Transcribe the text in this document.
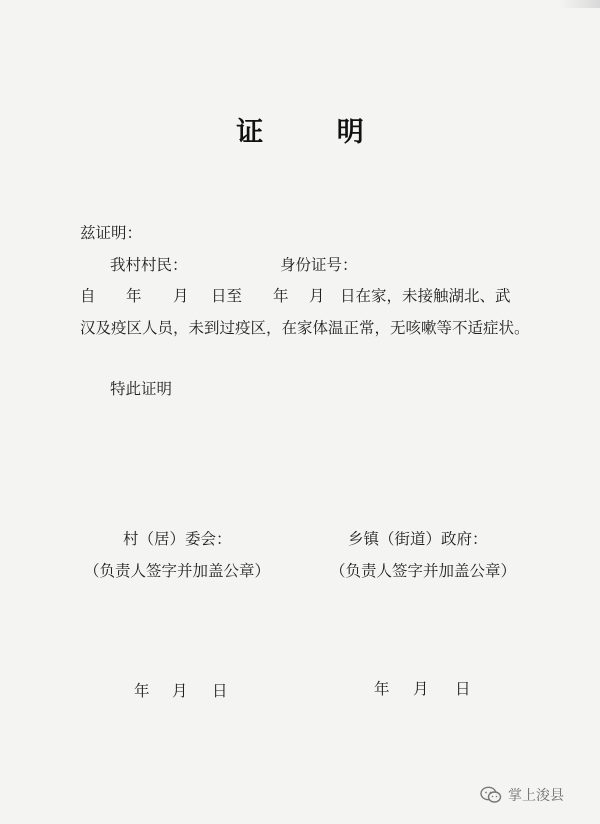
证 明
兹证明：
我村村民：	身份证号：
自 年 月 日至 年 月 日在家，未接触湖北、武
汉及疫区人员，未到过疫区，在家体温正常，无咳嗽等不适症状。
特此证明
村（居）委会：	乡镇（街道）政府：
（负责人签字并加盖公章）	（负责人签字并加盖公章）
年 月 日	年 月 日
掌上浚县
